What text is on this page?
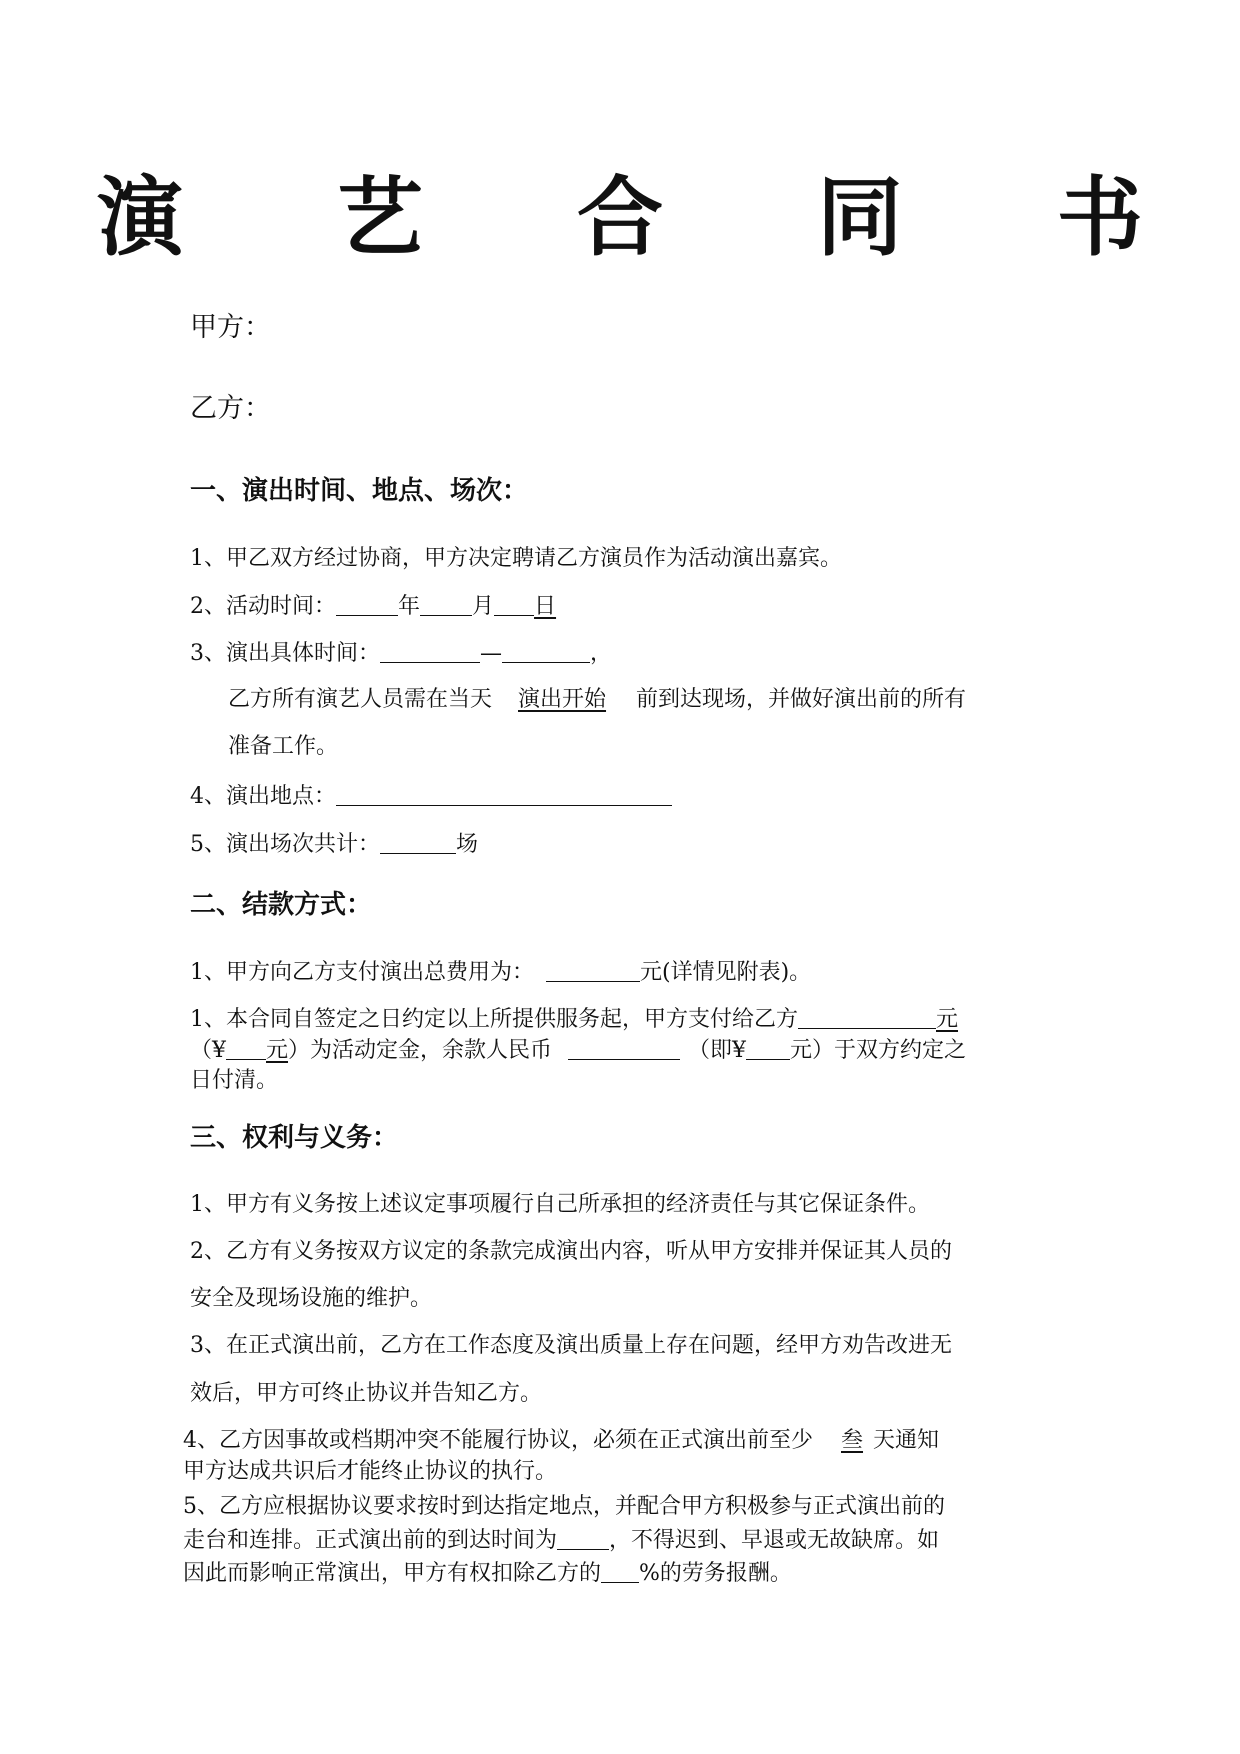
演 艺 合 同 书
甲方：
乙方：
一、演出时间、地点、场次：
1、甲乙双方经过协商，甲方决定聘请乙方演员作为活动演出嘉宾。
2、活动时间：	年 月 日
3、演出具体时间：	—	，
乙方所有演艺人员需在当天 演出开始 前到达现场，并做好演出前的所有
准备工作。
4、演出地点：
5、演出场次共计：	场
二、结款方式：
1、甲方向乙方支付演出总费用为：	元(详情见附表)。
1、本合同自签定之日约定以上所提供服务起，甲方支付给乙方	元
（¥ 元）为活动定金，余款人民币	（即¥ 元）于双方约定之
日付清。
三、权利与义务：
1、甲方有义务按上述议定事项履行自己所承担的经济责任与其它保证条件。
2、乙方有义务按双方议定的条款完成演出内容，听从甲方安排并保证其人员的
安全及现场设施的维护。
3、在正式演出前，乙方在工作态度及演出质量上存在问题，经甲方劝告改进无
效后，甲方可终止协议并告知乙方。
4、乙方因事故或档期冲突不能履行协议，必须在正式演出前至少 叁 天通知
甲方达成共识后才能终止协议的执行。
5、乙方应根据协议要求按时到达指定地点，并配合甲方积极参与正式演出前的
走台和连排。正式演出前的到达时间为 ，不得迟到、早退或无故缺席。如
因此而影响正常演出，甲方有权扣除乙方的 %的劳务报酬。
